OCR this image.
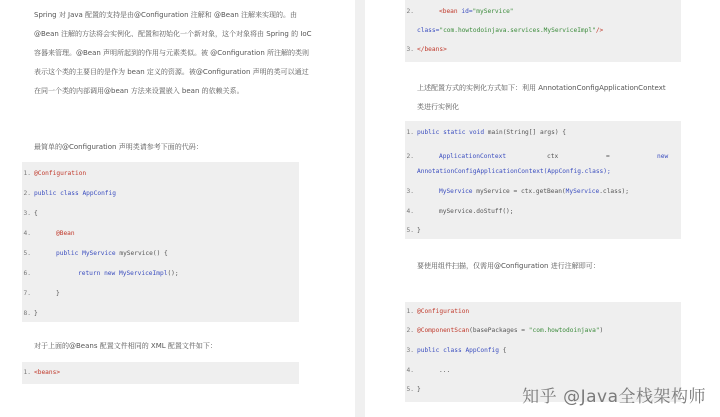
Spring 对 Java 配置的支持是由@Configuration 注解和 @Bean 注解来实现的。由

@Bean 注解的方法将会实例化、配置和初始化一个新对象，这个对象将由 Spring 的 IoC

容器来管理。@Bean 声明所起到的作用与元素类似。被 @Configuration 所注解的类则

表示这个类的主要目的是作为 bean 定义的资源。被@Configuration 声明的类可以通过

在同一个类的内部调用@bean 方法来设置嵌入 bean 的依赖关系。

最简单的@Configuration 声明类请参考下面的代码：
1. @Configuration
2. public class AppConfig
3. {
4.	@Bean
5.	public MyService myService() {
6.	return new MyServiceImpl();
7.	}
8. }
对于上面的@Beans 配置文件相同的 XML 配置文件如下：
1. <beans>
2.	<bean id="myService"
class="com.howtodoinjava.services.MyServiceImpl"/>
3. </beans>

上述配置方式的实例化方式如下：利用 AnnotationConfigApplicationContext

类进行实例化

1. public static void main(String[] args) {
2.	ApplicationContext	ctx	=	new
AnnotationConfigApplicationContext(AppConfig.class);
3.	MyService myService = ctx.getBean(MyService.class);
4.	myService.doStuff();
5. }
要使用组件扫描，仅需用@Configuration 进行注解即可：
1. @Configuration
2. @ComponentScan(basePackages = "com.howtodoinjava")
3. public class AppConfig {
4.	...
5. }	知乎 @Java全栈架构师
